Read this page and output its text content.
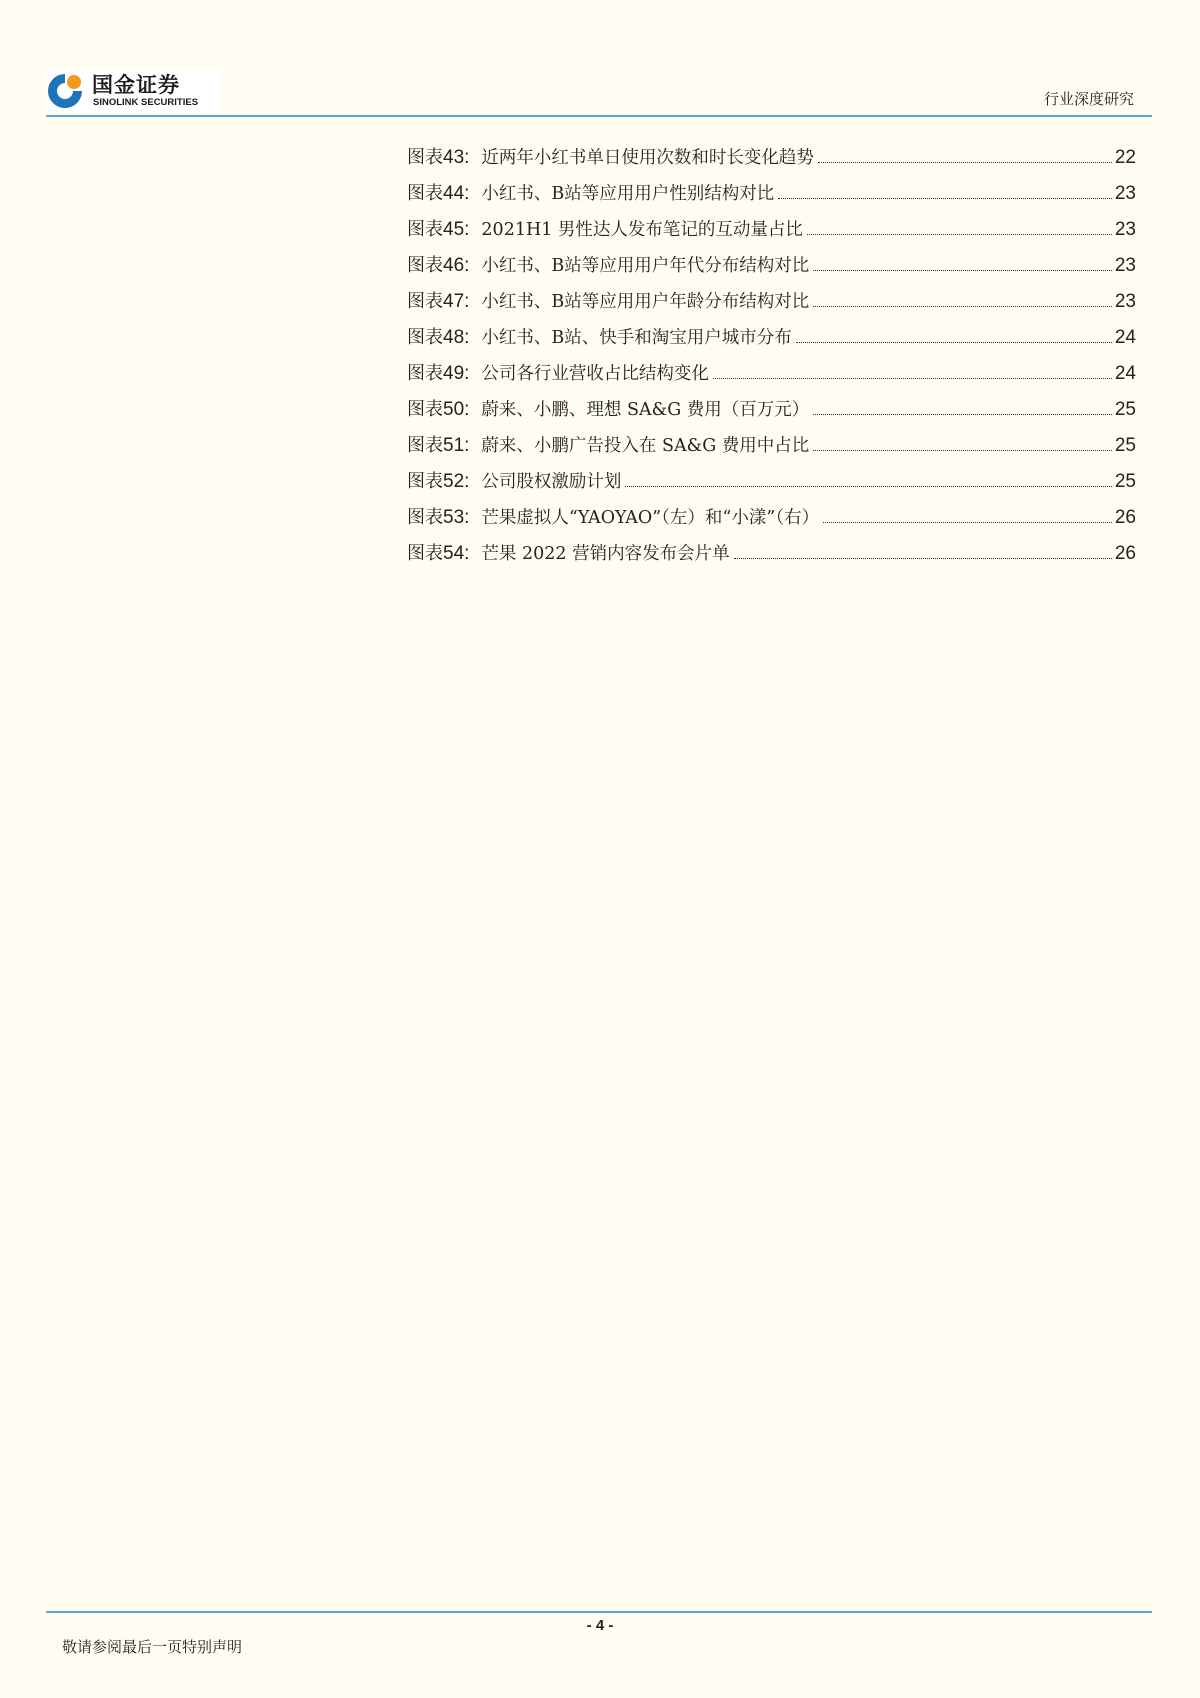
国金证券
SINOLINK SECURITIES	行业深度研究
图表 43 : 近两年小红书单日使用次数和时长变化趋势	22
图表 44 : 小红书、B站等应用用户性别结构对比	23
图表 45 : 2021H1 男性达人发布笔记的互动量占比	23
图表 46 : 小红书、B站等应用用户年代分布结构对比	23
图表 47 : 小红书、B站等应用用户年龄分布结构对比	23
图表 48 : 小红书、B站、快手和淘宝用户城市分布	24
图表 49 : 公司各行业营收占比结构变化	24
图表 50 : 蔚来、小鹏、理想 SA&G 费用（百万元）	25
图表 51 : 蔚来、小鹏广告投入在 SA&G 费用中占比	25
图表 52 : 公司股权激励计划	25
图表 53 : 芒果虚拟人“YAOYAO”（左）和“小漾”（右）	26
图表 54 : 芒果 2022 营销内容发布会片单	26
- 4 -
敬请参阅最后一页特别声明
